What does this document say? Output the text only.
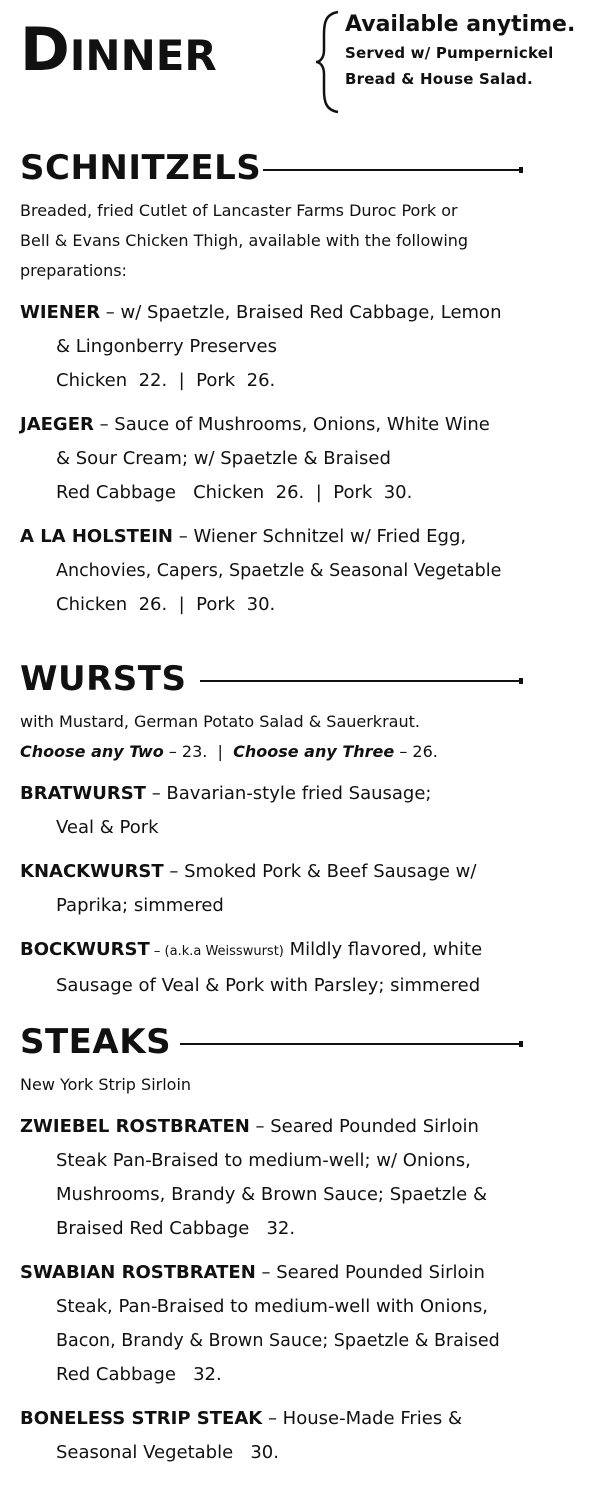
Dinner	Available anytime.
Served w/ Pumpernickel
Bread & House Salad.
SCHNITZELS
Breaded, fried Cutlet of Lancaster Farms Duroc Pork or
Bell & Evans Chicken Thigh, available with the following
preparations:
WIENER – w/ Spaetzle, Braised Red Cabbage, Lemon
& Lingonberry Preserves
Chicken  22.  |  Pork  26.
JAEGER – Sauce of Mushrooms, Onions, White Wine
& Sour Cream; w/ Spaetzle & Braised
Red Cabbage   Chicken  26.  |  Pork  30.
A LA HOLSTEIN – Wiener Schnitzel w/ Fried Egg,
Anchovies, Capers, Spaetzle & Seasonal Vegetable
Chicken  26.  |  Pork  30.
WURSTS
with Mustard, German Potato Salad & Sauerkraut.
Choose any Two – 23.  |  Choose any Three – 26.
BRATWURST – Bavarian-style fried Sausage;
Veal & Pork
KNACKWURST – Smoked Pork & Beef Sausage w/
Paprika; simmered
BOCKWURST – (a.k.a Weisswurst) Mildly flavored, white
Sausage of Veal & Pork with Parsley; simmered
STEAKS
New York Strip Sirloin
ZWIEBEL ROSTBRATEN – Seared Pounded Sirloin
Steak Pan-Braised to medium-well; w/ Onions,
Mushrooms, Brandy & Brown Sauce; Spaetzle &
Braised Red Cabbage   32.
SWABIAN ROSTBRATEN – Seared Pounded Sirloin
Steak, Pan-Braised to medium-well with Onions,
Bacon, Brandy & Brown Sauce; Spaetzle & Braised
Red Cabbage   32.
BONELESS STRIP STEAK – House-Made Fries &
Seasonal Vegetable   30.
